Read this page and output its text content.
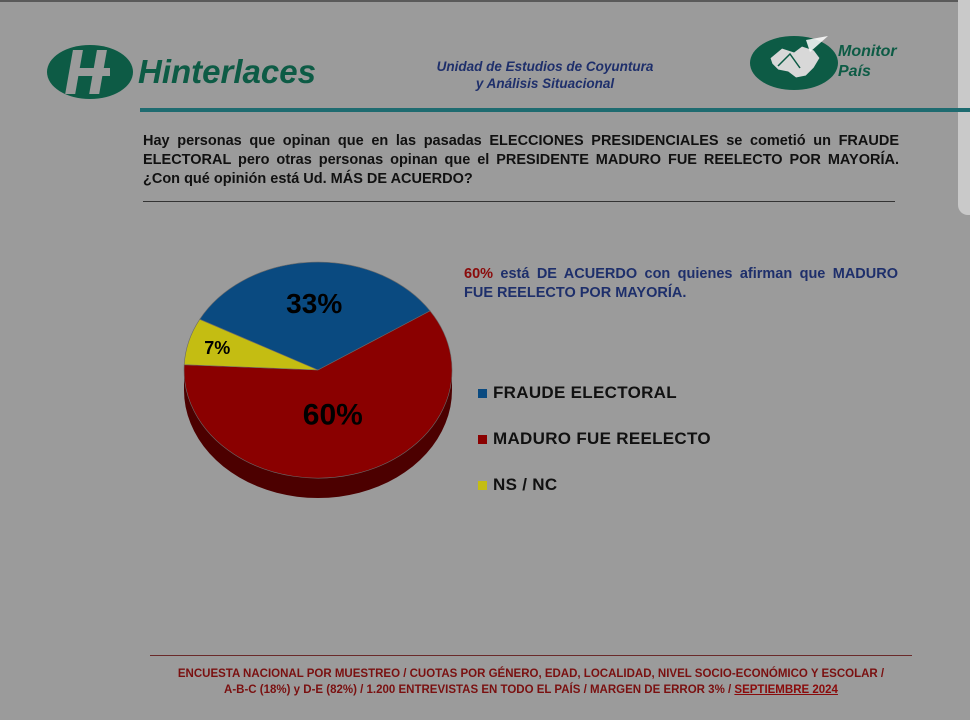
Hinterlaces	Unidad de Estudios de Coyuntura
y Análisis Situacional
Monitor
País
Hay personas que opinan que en las pasadas ELECCIONES PRESIDENCIALES se cometió un FRAUDE ELECTORAL pero otras personas opinan que el PRESIDENTE MADURO FUE REELECTO POR MAYORÍA. ¿Con qué opinión está Ud. MÁS DE ACUERDO?
33%
60%
7%
60% está DE ACUERDO con quienes afirman que MADURO FUE REELECTO POR MAYORÍA.
FRAUDE ELECTORAL
MADURO FUE REELECTO
NS / NC
ENCUESTA NACIONAL POR MUESTREO / CUOTAS POR GÉNERO, EDAD, LOCALIDAD, NIVEL SOCIO-ECONÓMICO Y ESCOLAR /
A-B-C (18%) y D-E (82%) / 1.200 ENTREVISTAS EN TODO EL PAÍS / MARGEN DE ERROR 3% / SEPTIEMBRE 2024
